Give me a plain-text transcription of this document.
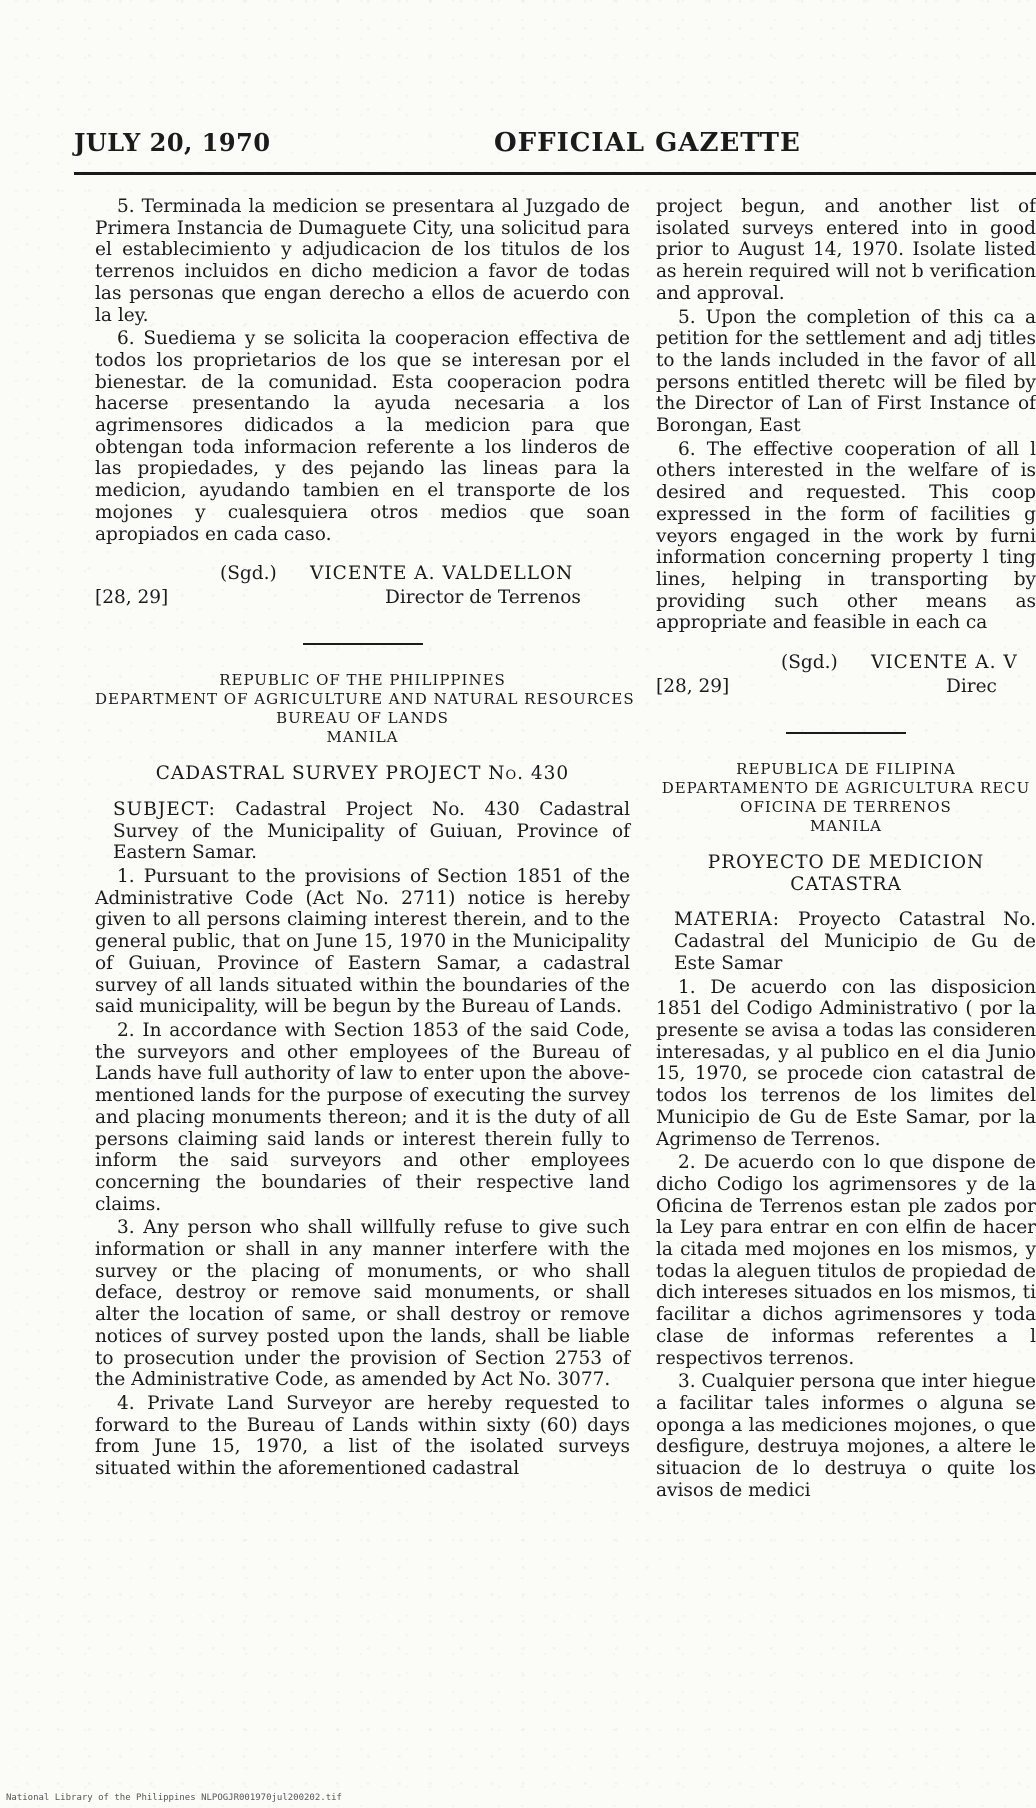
JULY 20, 1970	OFFICIAL GAZETTE

5. Terminada la medicion se presentara al Juzgado de Primera Instancia de Dumaguete City, una solicitud para el establecimiento y adjudicacion de los titulos de los terrenos incluidos en dicho medicion a favor de todas las personas que engan derecho a ellos de acuerdo con la ley.

6. Suediema y se solicita la cooperacion effectiva de todos los proprietarios de los que se interesan por el bienestar. de la comunidad. Esta cooperacion podra hacerse presentando la ayuda necesaria a los agrimensores didicados a la medicion para que obtengan toda informacion referente a los linderos de las propiedades, y des pejando las lineas para la medicion, ayudando tambien en el transporte de los mojones y cualesquiera otros medios que soan apropiados en cada caso.

(Sgd.) VICENTE A. VALDELLON
[28, 29]	Director de Terrenos
REPUBLIC OF THE PHILIPPINES
DEPARTMENT OF AGRICULTURE AND NATURAL RESOURCES
BUREAU OF LANDS
MANILA
CADASTRAL SURVEY PROJECT No. 430

SUBJECT: Cadastral Project No. 430 Cadastral Survey of the Municipality of Guiuan, Province of Eastern Samar.

1. Pursuant to the provisions of Section 1851 of the Administrative Code (Act No. 2711) notice is hereby given to all persons claiming interest therein, and to the general public, that on June 15, 1970 in the Municipality of Guiuan, Province of Eastern Samar, a cadastral survey of all lands situated within the boundaries of the said municipality, will be begun by the Bureau of Lands.

2. In accordance with Section 1853 of the said Code, the surveyors and other employees of the Bureau of Lands have full authority of law to enter upon the above-mentioned lands for the purpose of executing the survey and placing monuments thereon; and it is the duty of all persons claiming said lands or interest therein fully to inform the said surveyors and other employees concerning the boundaries of their respective land claims.

3. Any person who shall willfully refuse to give such information or shall in any manner interfere with the survey or the placing of monuments, or who shall deface, destroy or remove said monuments, or shall alter the location of same, or shall destroy or remove notices of survey posted upon the lands, shall be liable to prosecution under the provision of Section 2753 of the Administrative Code, as amended by Act No. 3077.

4. Private Land Surveyor are hereby requested to forward to the Bureau of Lands within sixty (60) days from June 15, 1970, a list of the isolated surveys situated within the aforementioned cadastral

project begun, and another list of isolated surveys entered into in good prior to August 14, 1970. Isolate listed as herein required will not b verification and approval.

5. Upon the completion of this ca a petition for the settlement and adj titles to the lands included in the favor of all persons entitled theretc will be filed by the Director of Lan of First Instance of Borongan, East

6. The effective cooperation of all l others interested in the welfare of is desired and requested. This coop expressed in the form of facilities g veyors engaged in the work by furni information concerning property l ting lines, helping in transporting by providing such other means as appropriate and feasible in each ca

(Sgd.) VICENTE A. V
[28, 29]	Direc
REPUBLICA DE FILIPINA
DEPARTAMENTO DE AGRICULTURA RECU
OFICINA DE TERRENOS
MANILA
PROYECTO DE MEDICION CATASTRA

MATERIA: Proyecto Catastral No. Cadastral del Municipio de Gu de Este Samar

1. De acuerdo con las disposicion 1851 del Codigo Administrativo ( por la presente se avisa a todas las consideren interesadas, y al publico en el dia Junio 15, 1970, se procede cion catastral de todos los terrenos de los limites del Municipio de Gu de Este Samar, por la Agrimenso de Terrenos.

2. De acuerdo con lo que dispone de dicho Codigo los agrimensores y de la Oficina de Terrenos estan ple zados por la Ley para entrar en con elfin de hacer la citada med mojones en los mismos, y todas la aleguen titulos de propiedad de dich intereses situados en los mismos, ti facilitar a dichos agrimensores y toda clase de informas referentes a l respectivos terrenos.

3. Cualquier persona que inter hiegue a facilitar tales informes o alguna se oponga a las mediciones mojones, o que desfigure, destruya mojones, a altere le situacion de lo destruya o quite los avisos de medici

National Library of the Philippines NLPOGJR001970jul200202.tif
